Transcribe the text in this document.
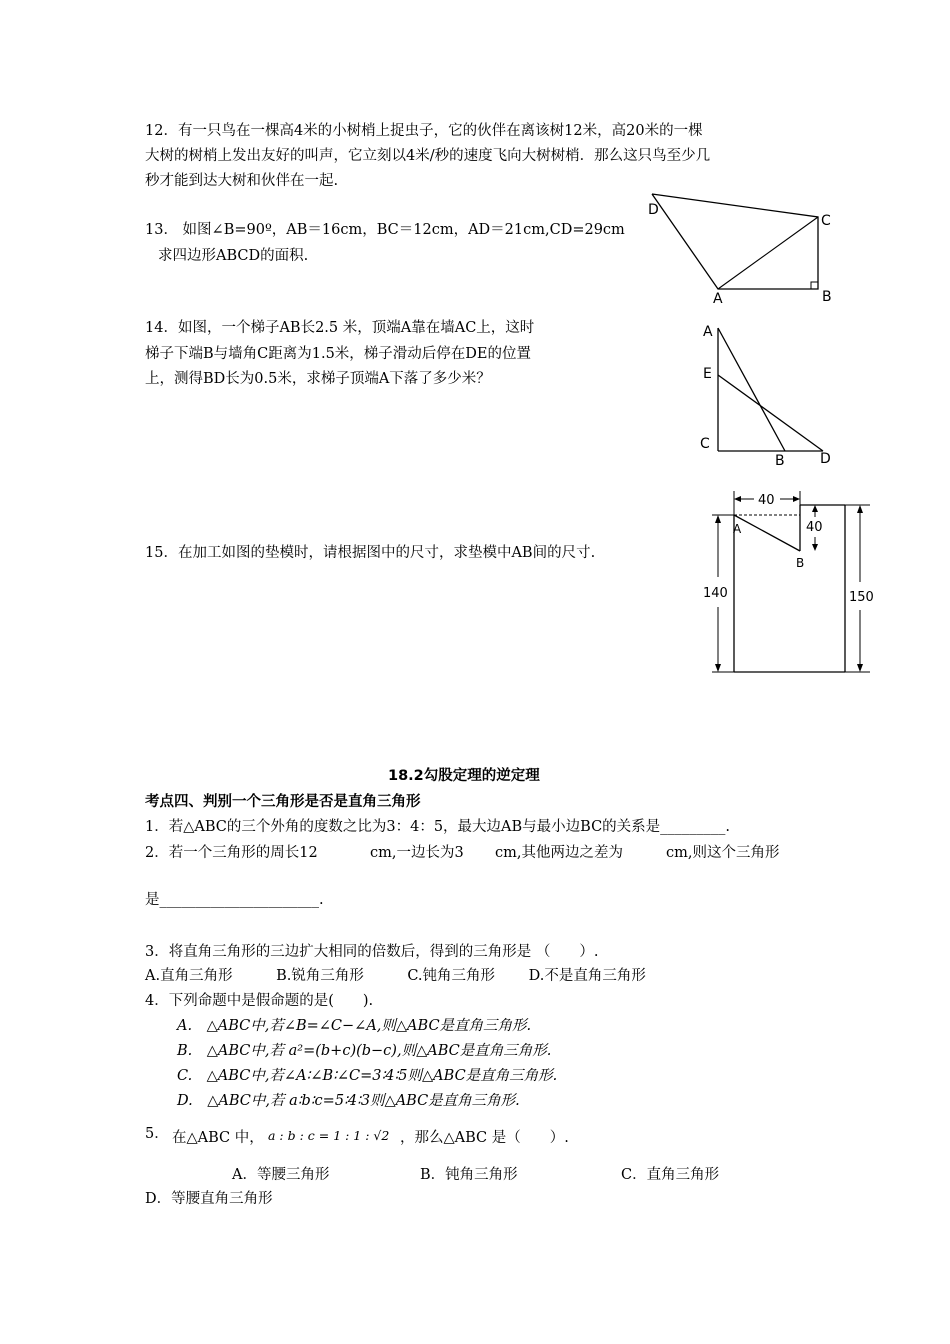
12．有一只鸟在一棵高4米的小树梢上捉虫子，它的伙伴在离该树12米，高20米的一棵
大树的树梢上发出友好的叫声，它立刻以4米/秒的速度飞向大树树梢．那么这只鸟至少几
秒才能到达大树和伙伴在一起.
13． 如图∠B=90º，AB＝16cm，BC＝12cm，AD＝21cm,CD=29cm
求四边形ABCD的面积.
D
C
A	B
14．如图，一个梯子AB长2.5 米，顶端A靠在墙AC上，这时
梯子下端B与墙角C距离为1.5米，梯子滑动后停在DE的位置
上，测得BD长为0.5米，求梯子顶端A下落了多少米？
A
E
C
B	D
15．在加工如图的垫模时，请根据图中的尺寸，求垫模中AB间的尺寸.
40
40
140	150
A
B
18.2勾股定理的逆定理
考点四、判别一个三角形是否是直角三角形
1．若△ABC的三个外角的度数之比为3：4：5，最大边AB与最小边BC的关系是_________.
2．若一个三角形的周长12	cm,一边长为3 cm,其他两边之差为	cm,则这个三角形
是______________________.
3．将直角三角形的三边扩大相同的倍数后，得到的三角形是 （　　）.
A.直角三角形　　　B.锐角三角形　　　C.钝角三角形　　 D.不是直角三角形
4．下列命题中是假命题的是(　　).
A.　△ABC中,若∠B=∠C−∠A,则△ABC是直角三角形.
B.　△ABC中,若 a²=(b+c)(b−c),则△ABC是直角三角形.
C.　△ABC中,若∠A∶∠B∶∠C=3∶4∶5则△ABC是直角三角形.
D.　△ABC中,若 a∶b∶c=5∶4∶3则△ABC是直角三角形.
5． 在△ABC 中， a : b : c = 1 : 1 : √2 ，那么△ABC 是（　　）.
A．等腰三角形	B．钝角三角形	C．直角三角形
D．等腰直角三角形
